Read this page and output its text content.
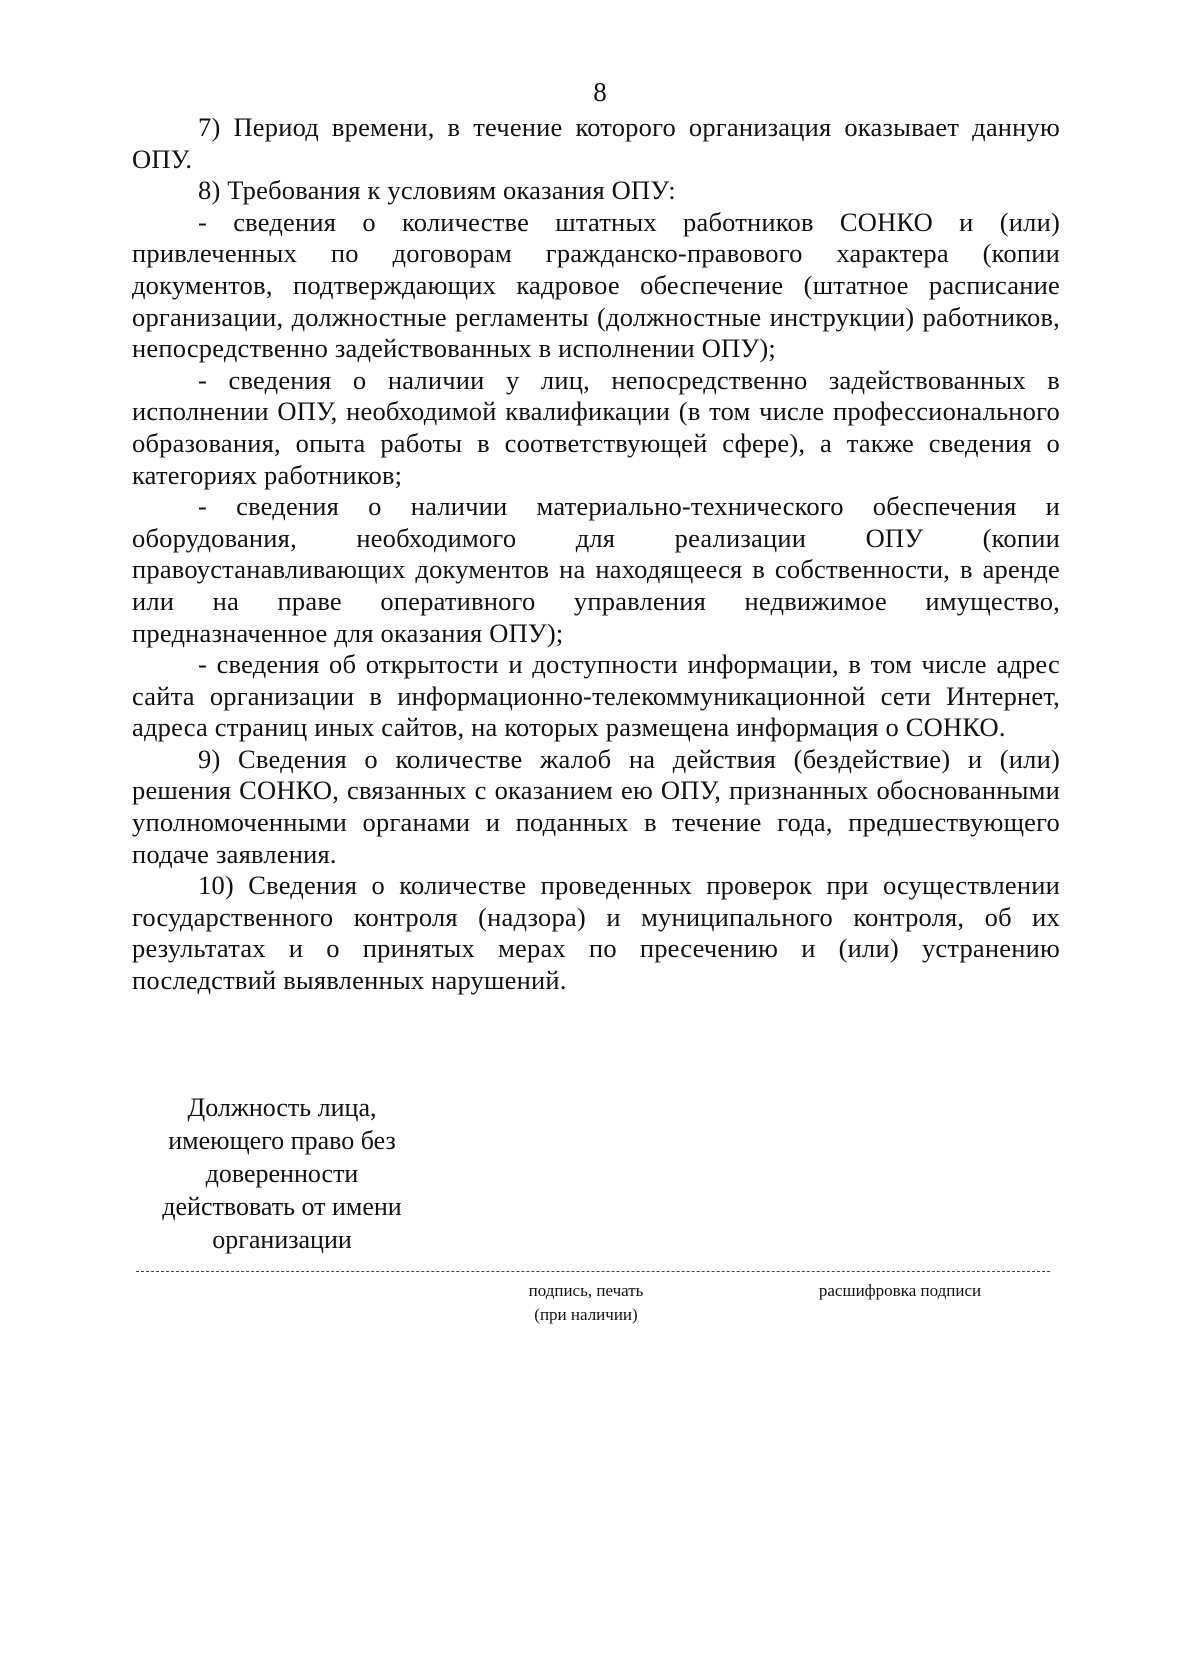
8

7) Период времени, в течение которого организация оказывает данную ОПУ.

8) Требования к условиям оказания ОПУ:

- сведения о количестве штатных работников СОНКО и (или) привлеченных по договорам гражданско-правового характера (копии документов, подтверждающих кадровое обеспечение (штатное расписание организации, должностные регламенты (должностные инструкции) работников, непосредственно задействованных в исполнении ОПУ);

- сведения о наличии у лиц, непосредственно задействованных в исполнении ОПУ, необходимой квалификации (в том числе профессионального образования, опыта работы в соответствующей сфере), а также сведения о категориях работников;

- сведения о наличии материально-технического обеспечения и оборудования, необходимого для реализации ОПУ (копии правоустанавливающих документов на находящееся в собственности, в аренде или на праве оперативного управления недвижимое имущество, предназначенное для оказания ОПУ);

- сведения об открытости и доступности информации, в том числе адрес сайта организации в информационно-телекоммуникационной сети Интернет, адреса страниц иных сайтов, на которых размещена информация о СОНКО.

9) Сведения о количестве жалоб на действия (бездействие) и (или) решения СОНКО, связанных с оказанием ею ОПУ, признанных обоснованными уполномоченными органами и поданных в течение года, предшествующего подаче заявления.

10) Сведения о количестве проведенных проверок при осуществлении государственного контроля (надзора) и муниципального контроля, об их результатах и о принятых мерах по пресечению и (или) устранению последствий выявленных нарушений.

Должность лица,
имеющего право без
доверенности
действовать от имени
организации
подпись, печать
(при наличии)
расшифровка подписи
